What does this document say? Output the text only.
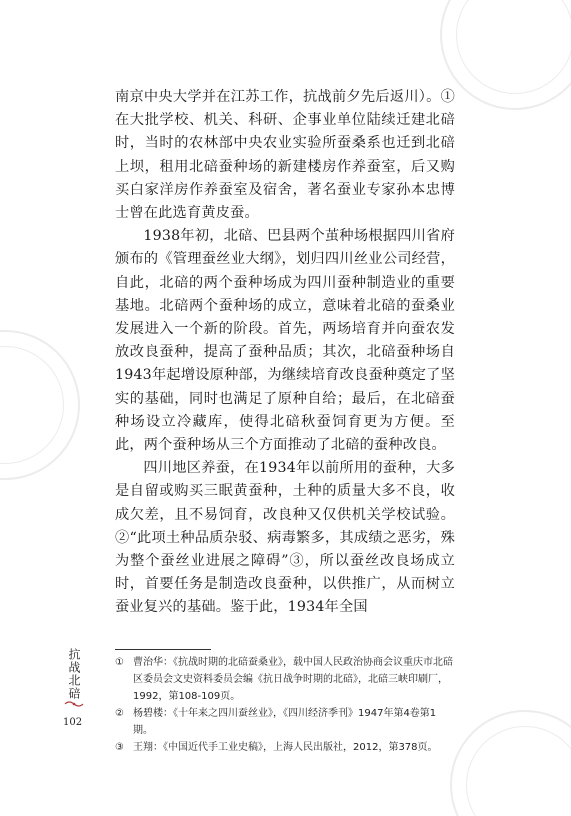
南京中央大学并在江苏工作，抗战前夕先后返川）。①在大批学校、机关、科研、企事业单位陆续迁建北碚时，当时的农林部中央农业实验所蚕桑系也迁到北碚上坝，租用北碚蚕种场的新建楼房作养蚕室，后又购买白家洋房作养蚕室及宿舍，著名蚕业专家孙本忠博士曾在此选育黄皮蚕。

1938年初，北碚、巴县两个茧种场根据四川省府颁布的《管理蚕丝业大纲》，划归四川丝业公司经营，自此，北碚的两个蚕种场成为四川蚕种制造业的重要基地。北碚两个蚕种场的成立，意味着北碚的蚕桑业发展进入一个新的阶段。首先，两场培育并向蚕农发放改良蚕种，提高了蚕种品质；其次，北碚蚕种场自1943年起增设原种部，为继续培育改良蚕种奠定了坚实的基础，同时也满足了原种自给；最后，在北碚蚕种场设立冷藏库，使得北碚秋蚕饲育更为方便。至此，两个蚕种场从三个方面推动了北碚的蚕种改良。

四川地区养蚕，在1934年以前所用的蚕种，大多是自留或购买三眠黄蚕种，土种的质量大多不良，收成欠差，且不易饲育，改良种又仅供机关学校试验。②“此项土种品质杂驳、病毒繁多，其成绩之恶劣，殊为整个蚕丝业进展之障碍”③，所以蚕丝改良场成立时，首要任务是制造改良蚕种，以供推广，从而树立蚕业复兴的基础。鉴于此，1934年全国

① 曹治华：《抗战时期的北碚蚕桑业》，载中国人民政治协商会议重庆市北碚区委员会文史资料委员会编《抗日战争时期的北碚》，北碚三峡印刷厂，1992，第108-109页。
② 杨碧楼：《十年来之四川蚕丝业》，《四川经济季刊》1947年第4卷第1期。
③ 王翔：《中国近代手工业史稿》，上海人民出版社，2012，第378页。
抗战北碚
102
